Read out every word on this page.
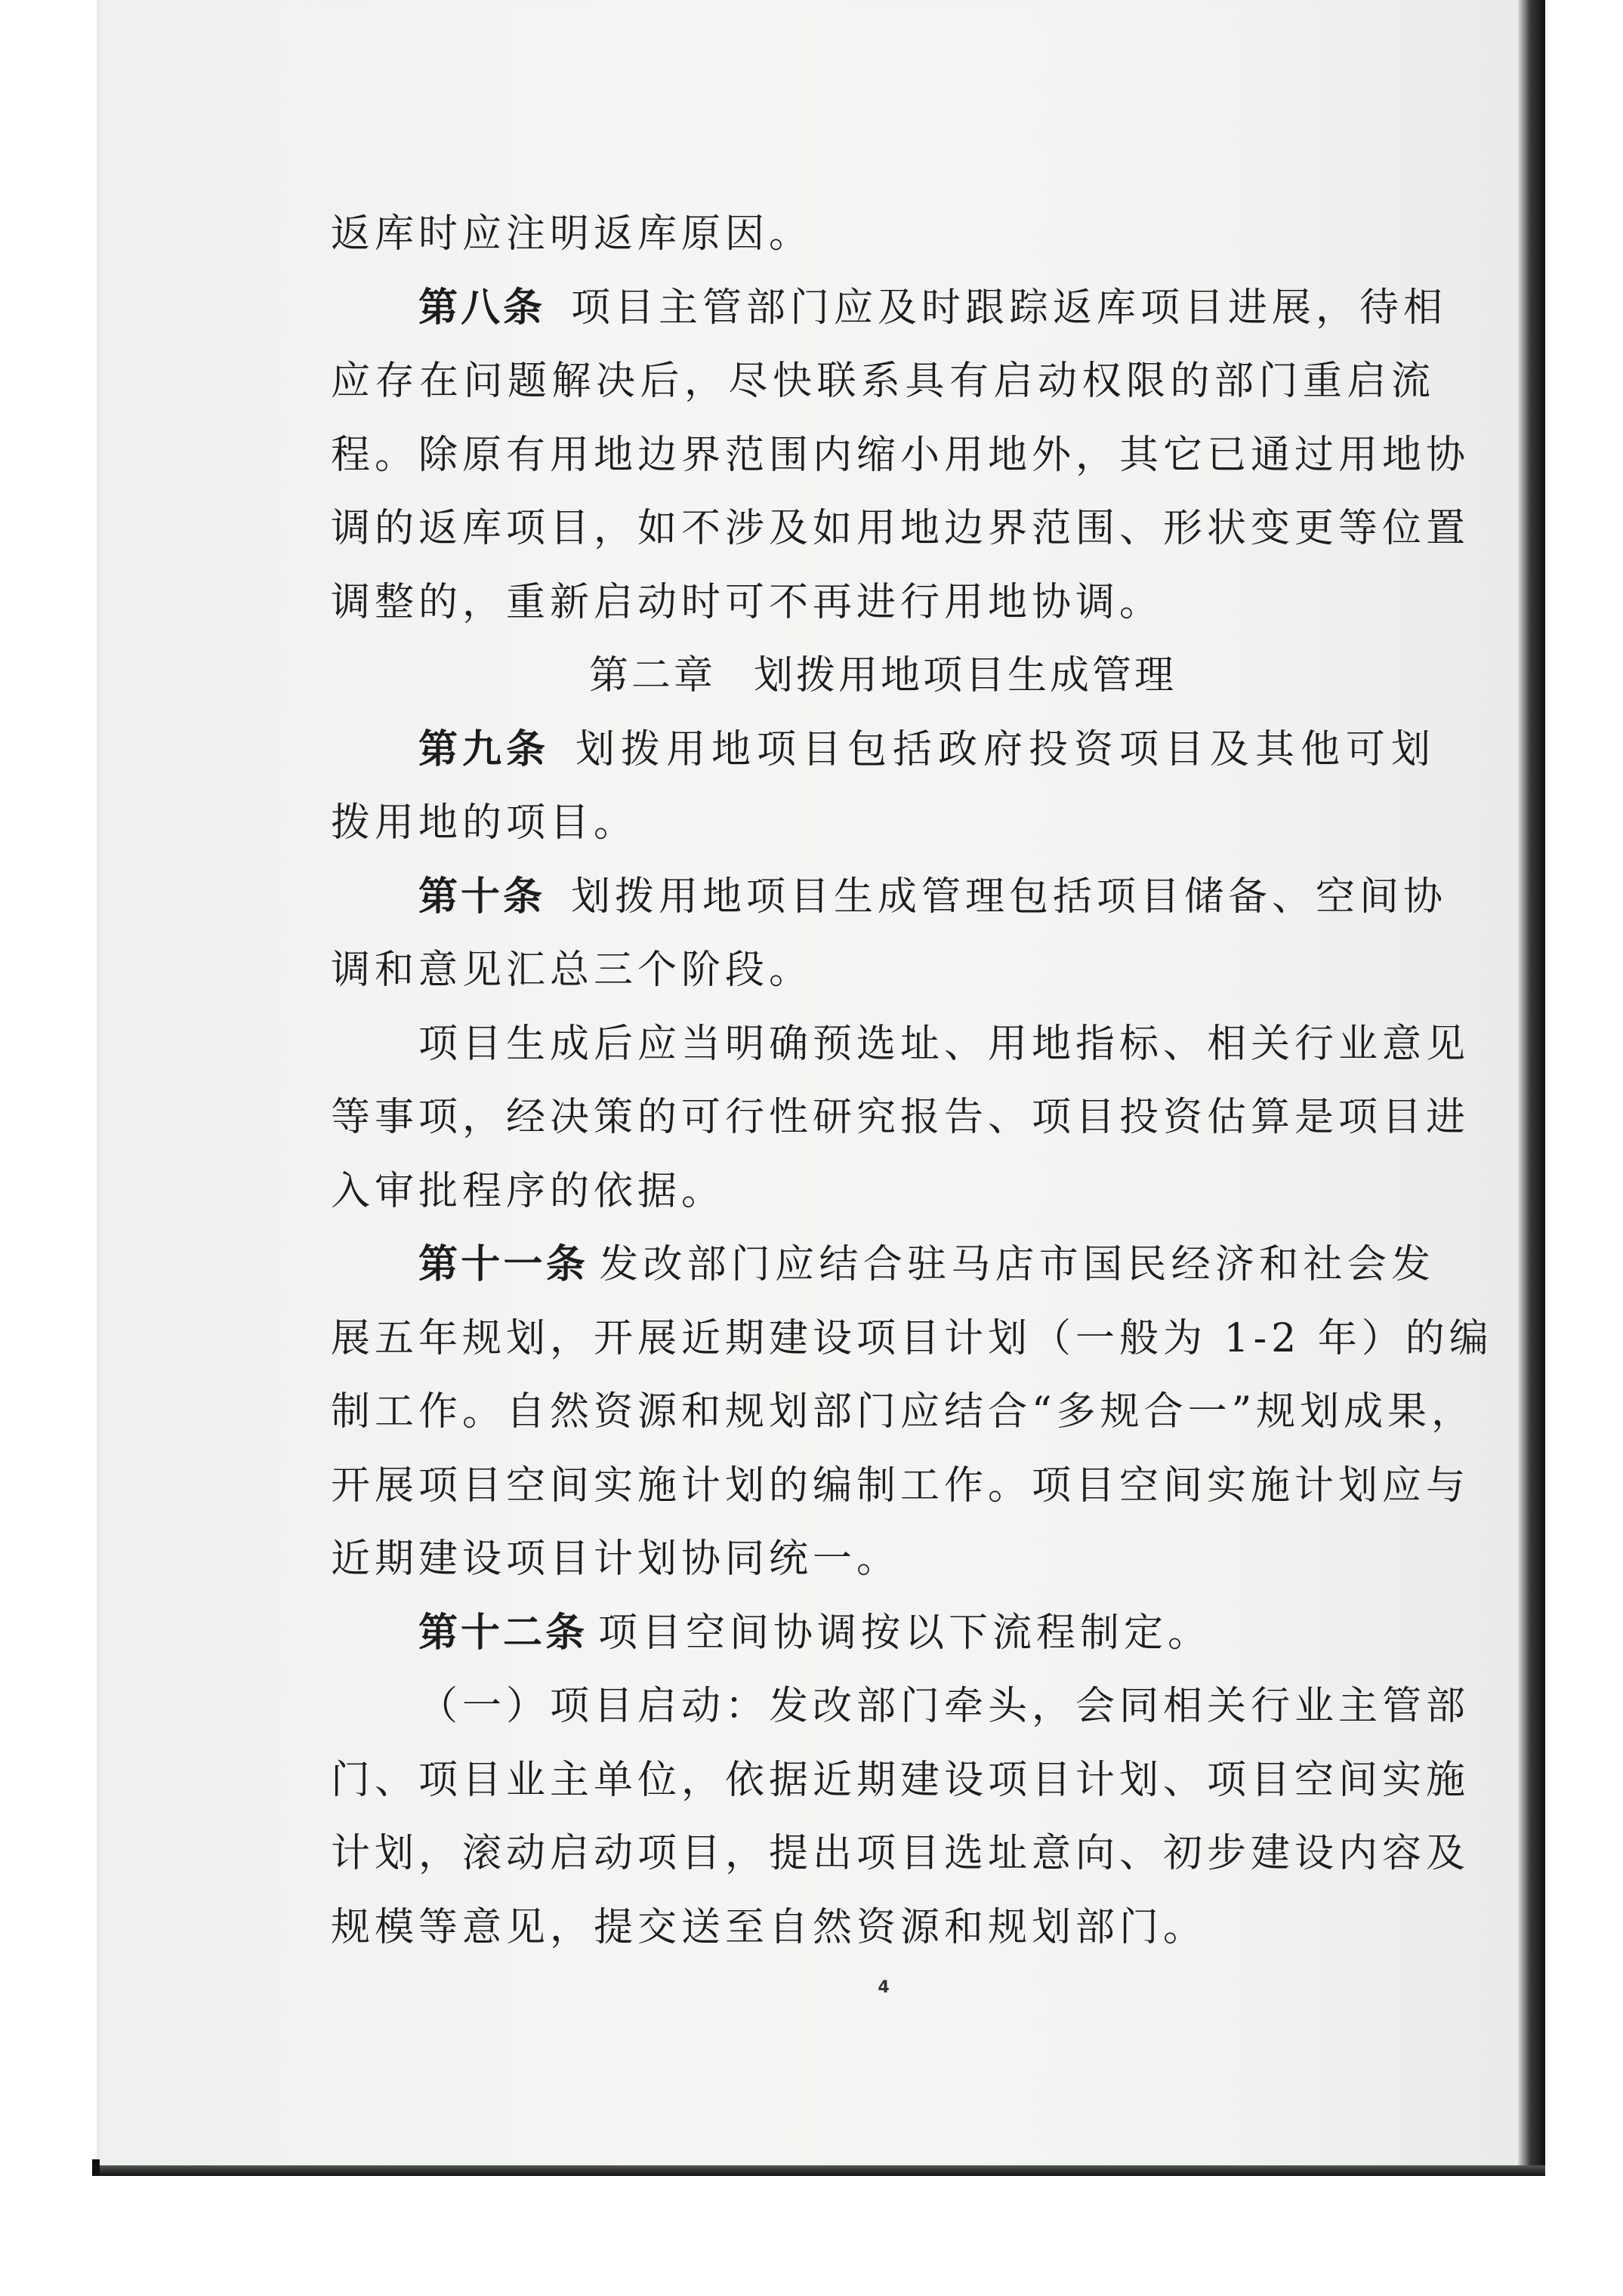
返库时应注明返库原因。
第八条 项目主管部门应及时跟踪返库项目进展，待相
应存在问题解决后，尽快联系具有启动权限的部门重启流
程。除原有用地边界范围内缩小用地外，其它已通过用地协
调的返库项目，如不涉及如用地边界范围、形状变更等位置
调整的，重新启动时可不再进行用地协调。
第二章 划拨用地项目生成管理
第九条 划拨用地项目包括政府投资项目及其他可划
拨用地的项目。
第十条 划拨用地项目生成管理包括项目储备、空间协
调和意见汇总三个阶段。
项目生成后应当明确预选址、用地指标、相关行业意见
等事项，经决策的可行性研究报告、项目投资估算是项目进
入审批程序的依据。
第十一条 发改部门应结合驻马店市国民经济和社会发
展五年规划，开展近期建设项目计划（一般为 1-2 年）的编
制工作。自然资源和规划部门应结合“多规合一”规划成果，
开展项目空间实施计划的编制工作。项目空间实施计划应与
近期建设项目计划协同统一。
第十二条 项目空间协调按以下流程制定。
（一）项目启动：发改部门牵头，会同相关行业主管部
门、项目业主单位，依据近期建设项目计划、项目空间实施
计划，滚动启动项目，提出项目选址意向、初步建设内容及
规模等意见，提交送至自然资源和规划部门。
4
